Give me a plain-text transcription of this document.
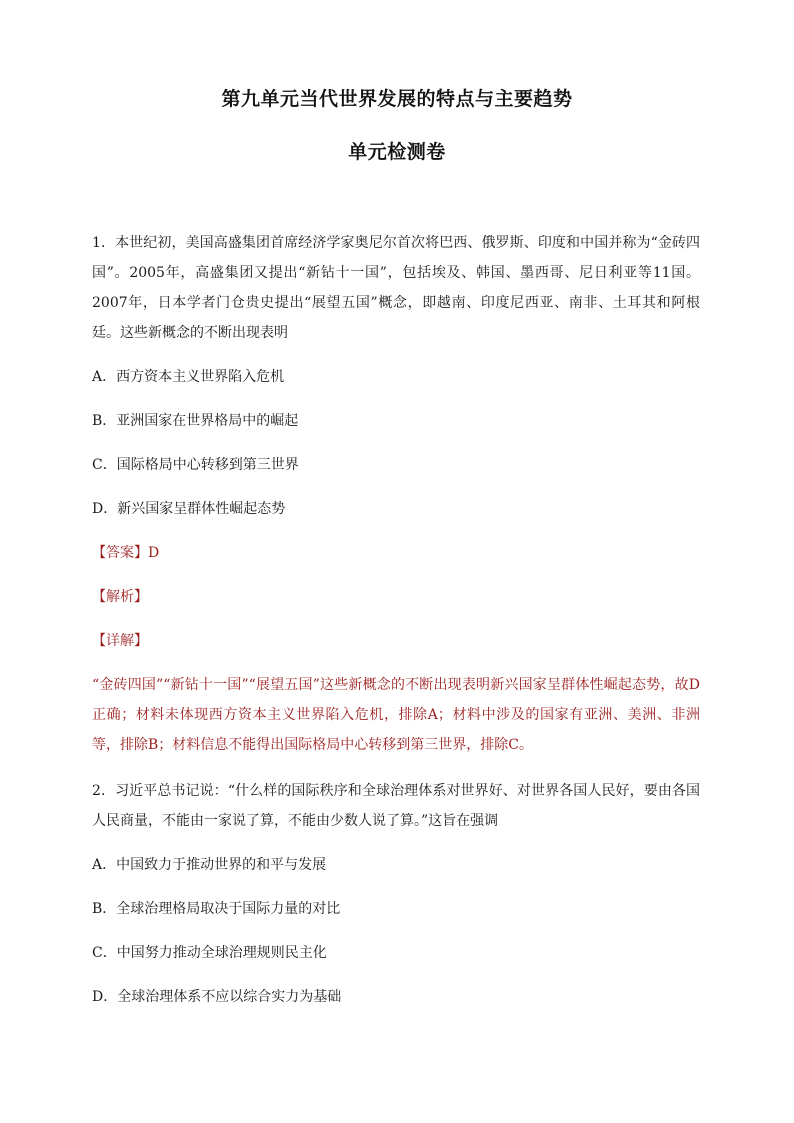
第九单元当代世界发展的特点与主要趋势
单元检测卷

1．本世纪初，美国高盛集团首席经济学家奥尼尔首次将巴西、俄罗斯、印度和中国并称为“金砖四国”。2005年，高盛集团又提出“新钻十一国”，包括埃及、韩国、墨西哥、尼日利亚等11国。2007年，日本学者门仓贵史提出“展望五国”概念，即越南、印度尼西亚、南非、土耳其和阿根廷。这些新概念的不断出现表明

A．西方资本主义世界陷入危机

B．亚洲国家在世界格局中的崛起

C．国际格局中心转移到第三世界

D．新兴国家呈群体性崛起态势

【答案】D

【解析】

【详解】

“金砖四国”“新钻十一国”“展望五国”这些新概念的不断出现表明新兴国家呈群体性崛起态势，故D正确；材料未体现西方资本主义世界陷入危机，排除A；材料中涉及的国家有亚洲、美洲、非洲等，排除B；材料信息不能得出国际格局中心转移到第三世界，排除C。

2．习近平总书记说：“什么样的国际秩序和全球治理体系对世界好、对世界各国人民好，要由各国人民商量，不能由一家说了算，不能由少数人说了算。”这旨在强调

A．中国致力于推动世界的和平与发展

B．全球治理格局取决于国际力量的对比

C．中国努力推动全球治理规则民主化

D．全球治理体系不应以综合实力为基础
